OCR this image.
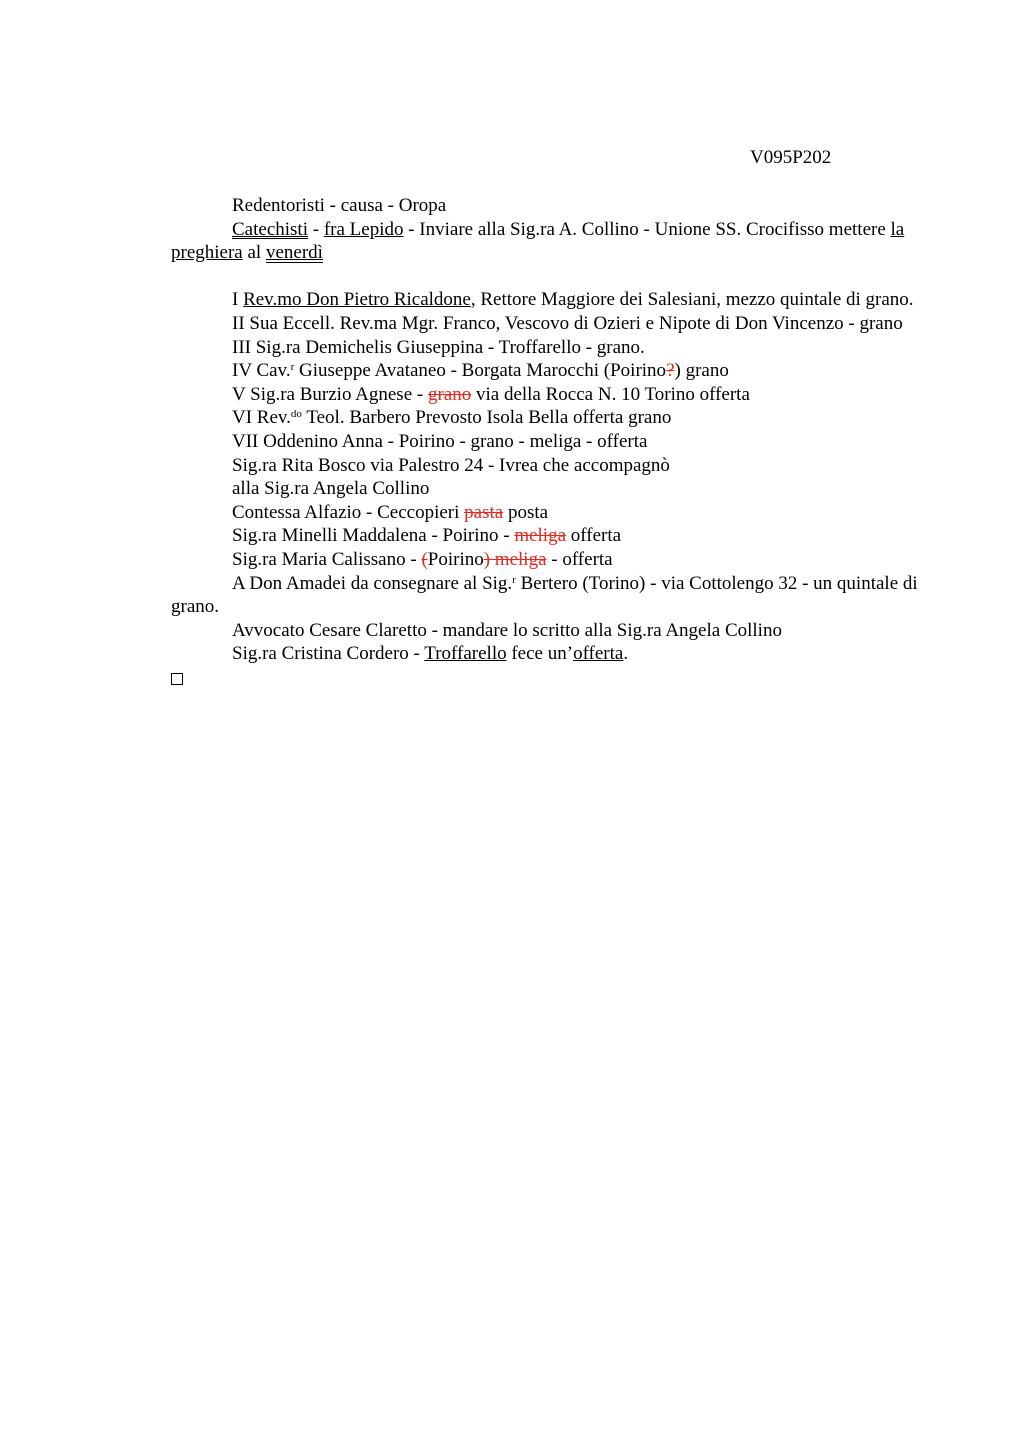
V095P202

Redentoristi - causa - Oropa

Catechisti - fra Lepido - Inviare alla Sig.ra A. Collino - Unione SS. Crocifisso mettere la preghiera al venerdì

I Rev.mo Don Pietro Ricaldone, Rettore Maggiore dei Salesiani, mezzo quintale di grano.

II Sua Eccell. Rev.ma Mgr. Franco, Vescovo di Ozieri e Nipote di Don Vincenzo - grano

III Sig.ra Demichelis Giuseppina - Troffarello - grano.

IV Cav.$^r$ Giuseppe Avataneo - Borgata Marocchi (Poirino?) grano

V Sig.ra Burzio Agnese - grano via della Rocca N. 10 Torino offerta

VI Rev.$^{do}$ Teol. Barbero Prevosto Isola Bella offerta grano

VII Oddenino Anna - Poirino - grano - meliga - offerta

Sig.ra Rita Bosco via Palestro 24 - Ivrea che accompagnò

alla Sig.ra Angela Collino

Contessa Alfazio - Ceccopieri pasta posta

Sig.ra Minelli Maddalena - Poirino - meliga offerta

Sig.ra Maria Calissano - (Poirino) meliga - offerta

A Don Amadei da consegnare al Sig.$^r$ Bertero (Torino) - via Cottolengo 32 - un quintale di grano.

Avvocato Cesare Claretto - mandare lo scritto alla Sig.ra Angela Collino

Sig.ra Cristina Cordero - Troffarello fece un’offerta.
